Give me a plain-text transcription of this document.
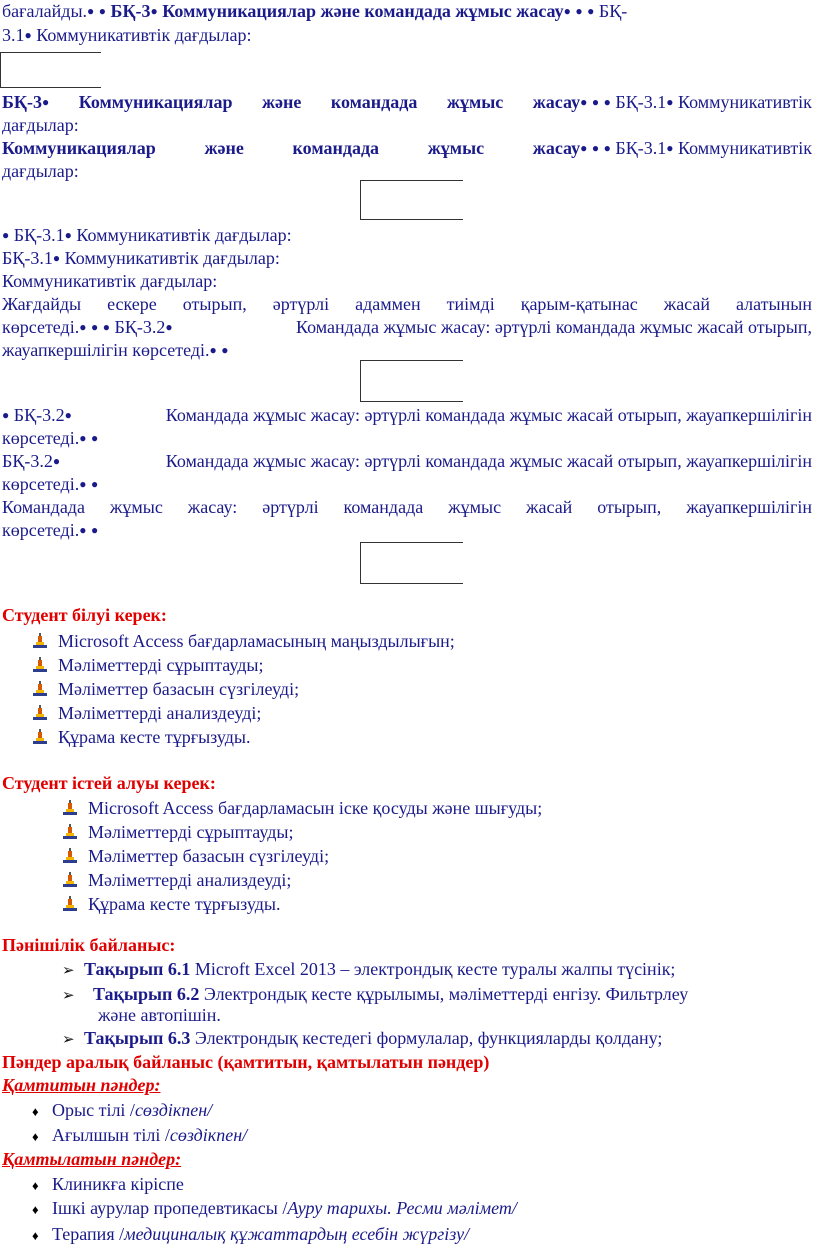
бағалайды.● ● БҚ-3● Коммуникациялар және командада жұмыс жасау● ● ● БҚ-
3.1● Коммуникативтік дағдылар:
БҚ-3● Коммуникациялар және командада жұмыс жасау● ● ● БҚ-3.1● Коммуникативтік
дағдылар:
Коммуникациялар	және	командада	жұмыс	жасау● ● ● БҚ-3.1● Коммуникативтік
дағдылар:
● БҚ-3.1● Коммуникативтік дағдылар:
БҚ-3.1● Коммуникативтік дағдылар:
Коммуникативтік дағдылар:
Жағдайды ескере отырып, әртүрлі адаммен тиімді қарым-қатынас жасай алатынын
көрсетеді.● ● ● БҚ-3.2●	Командада жұмыс жасау: әртүрлі командада жұмыс жасай отырып,
жауапкершілігін көрсетеді.● ●
● БҚ-3.2●	Командада жұмыс жасау: әртүрлі командада жұмыс жасай отырып, жауапкершілігін
көрсетеді.● ●
БҚ-3.2●	Командада жұмыс жасау: әртүрлі командада жұмыс жасай отырып, жауапкершілігін
көрсетеді.● ●
Командада жұмыс жасау: әртүрлі командада жұмыс жасай отырып, жауапкершілігін
көрсетеді.● ●
Студент білуі керек:
Microsoft Access бағдарламасының маңыздылығын;
Мәліметтерді сұрыптауды;
Мәліметтер базасын сүзгілеуді;
Мәліметтерді анализдеуді;
Құрама кесте тұрғызуды.
Студент істей алуы керек:
Microsoft Access бағдарламасын іске қосуды және шығуды;
Мәліметтерді сұрыптауды;
Мәліметтер базасын сүзгілеуді;
Мәліметтерді анализдеуді;
Құрама кесте тұрғызуды.
Пәнішілік байланыс:
➢ Тақырып 6.1 Microft Excel 2013 – электрондық кесте туралы жалпы түсінік;
➢ Тақырып 6.2 Электрондық кесте құрылымы, мәліметтерді енгізу. Фильтрлеу
және автопішін.
➢ Тақырып 6.3 Электрондық кестедегі формулалар, функцияларды қолдану;
Пәндер аралық байланыс (қамтитын, қамтылатын пәндер)
Қамтитын пәндер:
♦ Орыс тілі /сөздікпен/
♦ Ағылшын тілі /сөздікпен/
Қамтылатын пәндер:
♦ Клиникға кіріспе
♦ Ішкі аурулар пропедевтикасы /Ауру тарихы. Ресми мәлімет/
♦ Терапия /медициналық құжаттардың есебін жүргізу/
